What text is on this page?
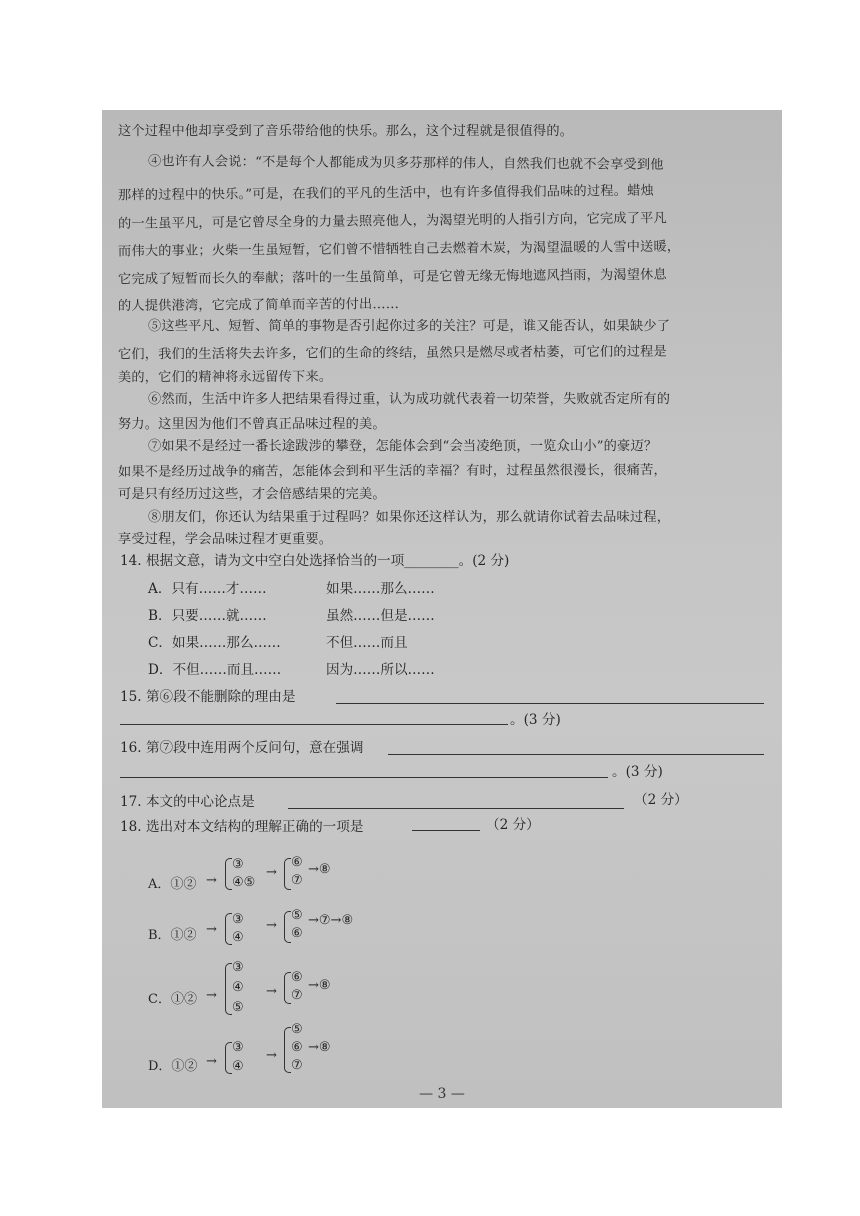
这个过程中他却享受到了音乐带给他的快乐。那么，这个过程就是很值得的。
④也许有人会说：“不是每个人都能成为贝多芬那样的伟人，自然我们也就不会享受到他
那样的过程中的快乐。”可是，在我们的平凡的生活中，也有许多值得我们品味的过程。蜡烛
的一生虽平凡，可是它曾尽全身的力量去照亮他人，为渴望光明的人指引方向，它完成了平凡
而伟大的事业；火柴一生虽短暂，它们曾不惜牺牲自己去燃着木炭，为渴望温暖的人雪中送暖，
它完成了短暂而长久的奉献；落叶的一生虽简单，可是它曾无缘无悔地遮风挡雨，为渴望休息
的人提供港湾，它完成了简单而辛苦的付出……
⑤这些平凡、短暂、简单的事物是否引起你过多的关注？可是，谁又能否认，如果缺少了
它们，我们的生活将失去许多，它们的生命的终结，虽然只是燃尽或者枯萎，可它们的过程是
美的，它们的精神将永远留传下来。
⑥然而，生活中许多人把结果看得过重，认为成功就代表着一切荣誉，失败就否定所有的
努力。这里因为他们不曾真正品味过程的美。
⑦如果不是经过一番长途跋涉的攀登，怎能体会到“会当凌绝顶，一览众山小”的豪迈？
如果不是经历过战争的痛苦，怎能体会到和平生活的幸福？有时，过程虽然很漫长，很痛苦，
可是只有经历过这些，才会倍感结果的完美。
⑧朋友们，你还认为结果重于过程吗？如果你还这样认为，那么就请你试着去品味过程，
享受过程，学会品味过程才更重要。
14. 根据文意，请为文中空白处选择恰当的一项________。(2 分)
A．只有……才……	如果……那么……
B．只要……就……	虽然……但是……
C．如果……那么……	不但……而且
D．不但……而且……	因为……所以……
15. 第⑥段不能删除的理由是
。(3 分)
16. 第⑦段中连用两个反问句，意在强调
。(3 分)
17. 本文的中心论点是	（2 分）
18. 选出对本文结构的理解正确的一项是	（2 分）
A．①② →
③
④⑤
→
⑥
⑦
→⑧
B．①② →
③
④
→
⑤
⑥
→⑦→⑧
C．①② →
③
④
⑤
→
⑥
⑦
→⑧
D．①② →
③
④
→
⑤
⑥
⑦
→⑧
— 3 —
